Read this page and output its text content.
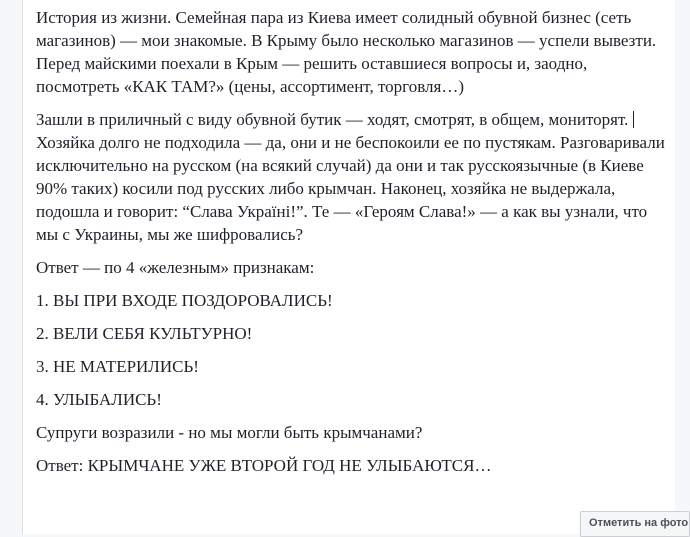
История из жизни. Семейная пара из Киева имеет солидный обувной бизнес (сеть магазинов) — мои знакомые. В Крыму было несколько магазинов — успели вывезти. Перед майскими поехали в Крым — решить оставшиеся вопросы и, заодно, посмотреть «КАК ТАМ?» (цены, ассортимент, торговля…)

Зашли в приличный с виду обувной бутик — ходят, смотрят, в общем, мониторят. Хозяйка долго не подходила — да, они и не беспокоили ее по пустякам. Разговаривали исключительно на русском (на всякий случай) да они и так русскоязычные (в Киеве 90% таких) косили под русских либо крымчан. Наконец, хозяйка не выдержала, подошла и говорит: “Слава Україні!”. Те — «Героям Слава!» — а как вы узнали, что мы с Украины, мы же шифровались?

Ответ — по 4 «железным» признакам:

1. ВЫ ПРИ ВХОДЕ ПОЗДОРОВАЛИСЬ!

2. ВЕЛИ СЕБЯ КУЛЬТУРНО!

3. НЕ МАТЕРИЛИСЬ!

4. УЛЫБАЛИСЬ!

Супруги возразили - но мы могли быть крымчанами?

Ответ: КРЫМЧАНЕ УЖЕ ВТОРОЙ ГОД НЕ УЛЫБАЮТСЯ…

Отметить на фото
